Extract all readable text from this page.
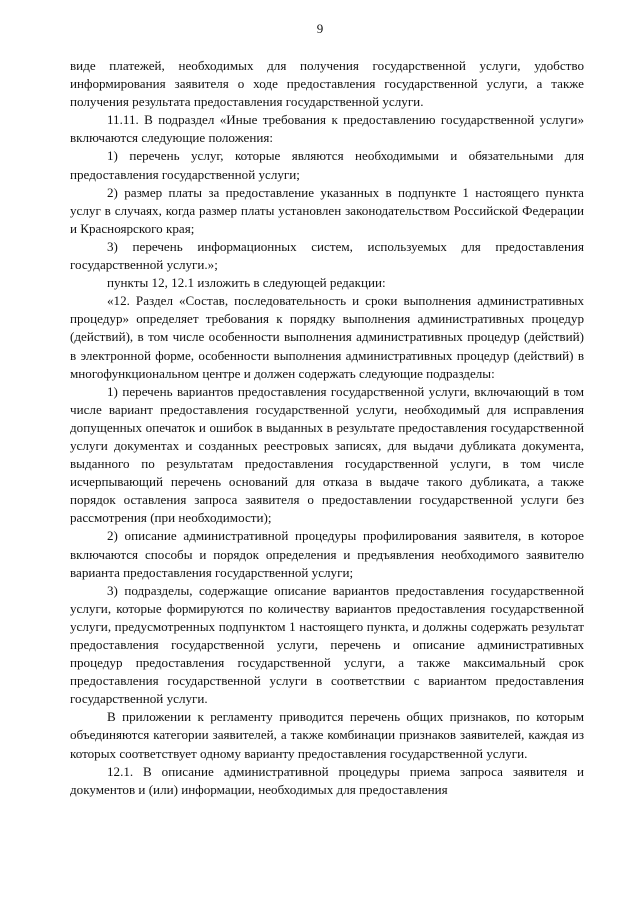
9

виде платежей, необходимых для получения государственной услуги, удобство информирования заявителя о ходе предоставления государственной услуги, а также получения результата предоставления государственной услуги.

11.11. В подраздел «Иные требования к предоставлению государственной услуги» включаются следующие положения:

1) перечень услуг, которые являются необходимыми и обязательными для предоставления государственной услуги;

2) размер платы за предоставление указанных в подпункте 1 настоящего пункта услуг в случаях, когда размер платы установлен законодательством Российской Федерации и Красноярского края;

3) перечень информационных систем, используемых для предоставления государственной услуги.»;

пункты 12, 12.1 изложить в следующей редакции:

«12. Раздел «Состав, последовательность и сроки выполнения административных процедур» определяет требования к порядку выполнения административных процедур (действий), в том числе особенности выполнения административных процедур (действий) в электронной форме, особенности выполнения административных процедур (действий) в многофункциональном центре и должен содержать следующие подразделы:

1) перечень вариантов предоставления государственной услуги, включающий в том числе вариант предоставления государственной услуги, необходимый для исправления допущенных опечаток и ошибок в выданных в результате предоставления государственной услуги документах и созданных реестровых записях, для выдачи дубликата документа, выданного по результатам предоставления государственной услуги, в том числе исчерпывающий перечень оснований для отказа в выдаче такого дубликата, а также порядок оставления запроса заявителя о предоставлении государственной услуги без рассмотрения (при необходимости);

2) описание административной процедуры профилирования заявителя, в которое включаются способы и порядок определения и предъявления необходимого заявителю варианта предоставления государственной услуги;

3) подразделы, содержащие описание вариантов предоставления государственной услуги, которые формируются по количеству вариантов предоставления государственной услуги, предусмотренных подпунктом 1 настоящего пункта, и должны содержать результат предоставления государственной услуги, перечень и описание административных процедур предоставления государственной услуги, а также максимальный срок предоставления государственной услуги в соответствии с вариантом предоставления государственной услуги.

В приложении к регламенту приводится перечень общих признаков, по которым объединяются категории заявителей, а также комбинации признаков заявителей, каждая из которых соответствует одному варианту предоставления государственной услуги.

12.1. В описание административной процедуры приема запроса заявителя и документов и (или) информации, необходимых для предоставления
